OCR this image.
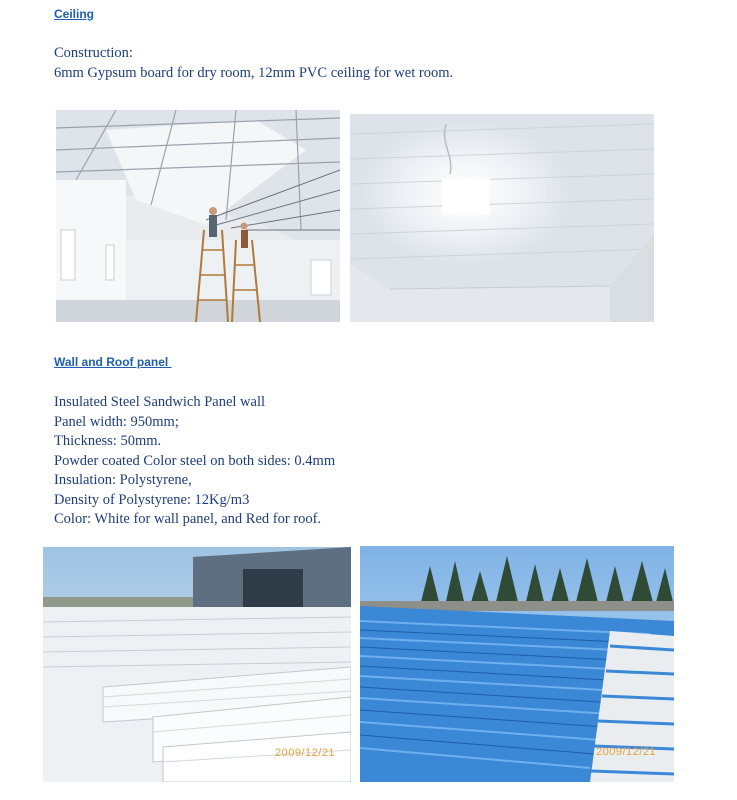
Ceiling
Construction:
6mm Gypsum board for dry room, 12mm PVC ceiling for wet room.
Wall and Roof panel
Insulated Steel Sandwich Panel wall
Panel width: 950mm;
Thickness: 50mm.
Powder coated Color steel on both sides: 0.4mm
Insulation: Polystyrene,
Density of Polystyrene: 12Kg/m3
Color: White for wall panel, and Red for roof.
2009/12/21	2009/12/21
